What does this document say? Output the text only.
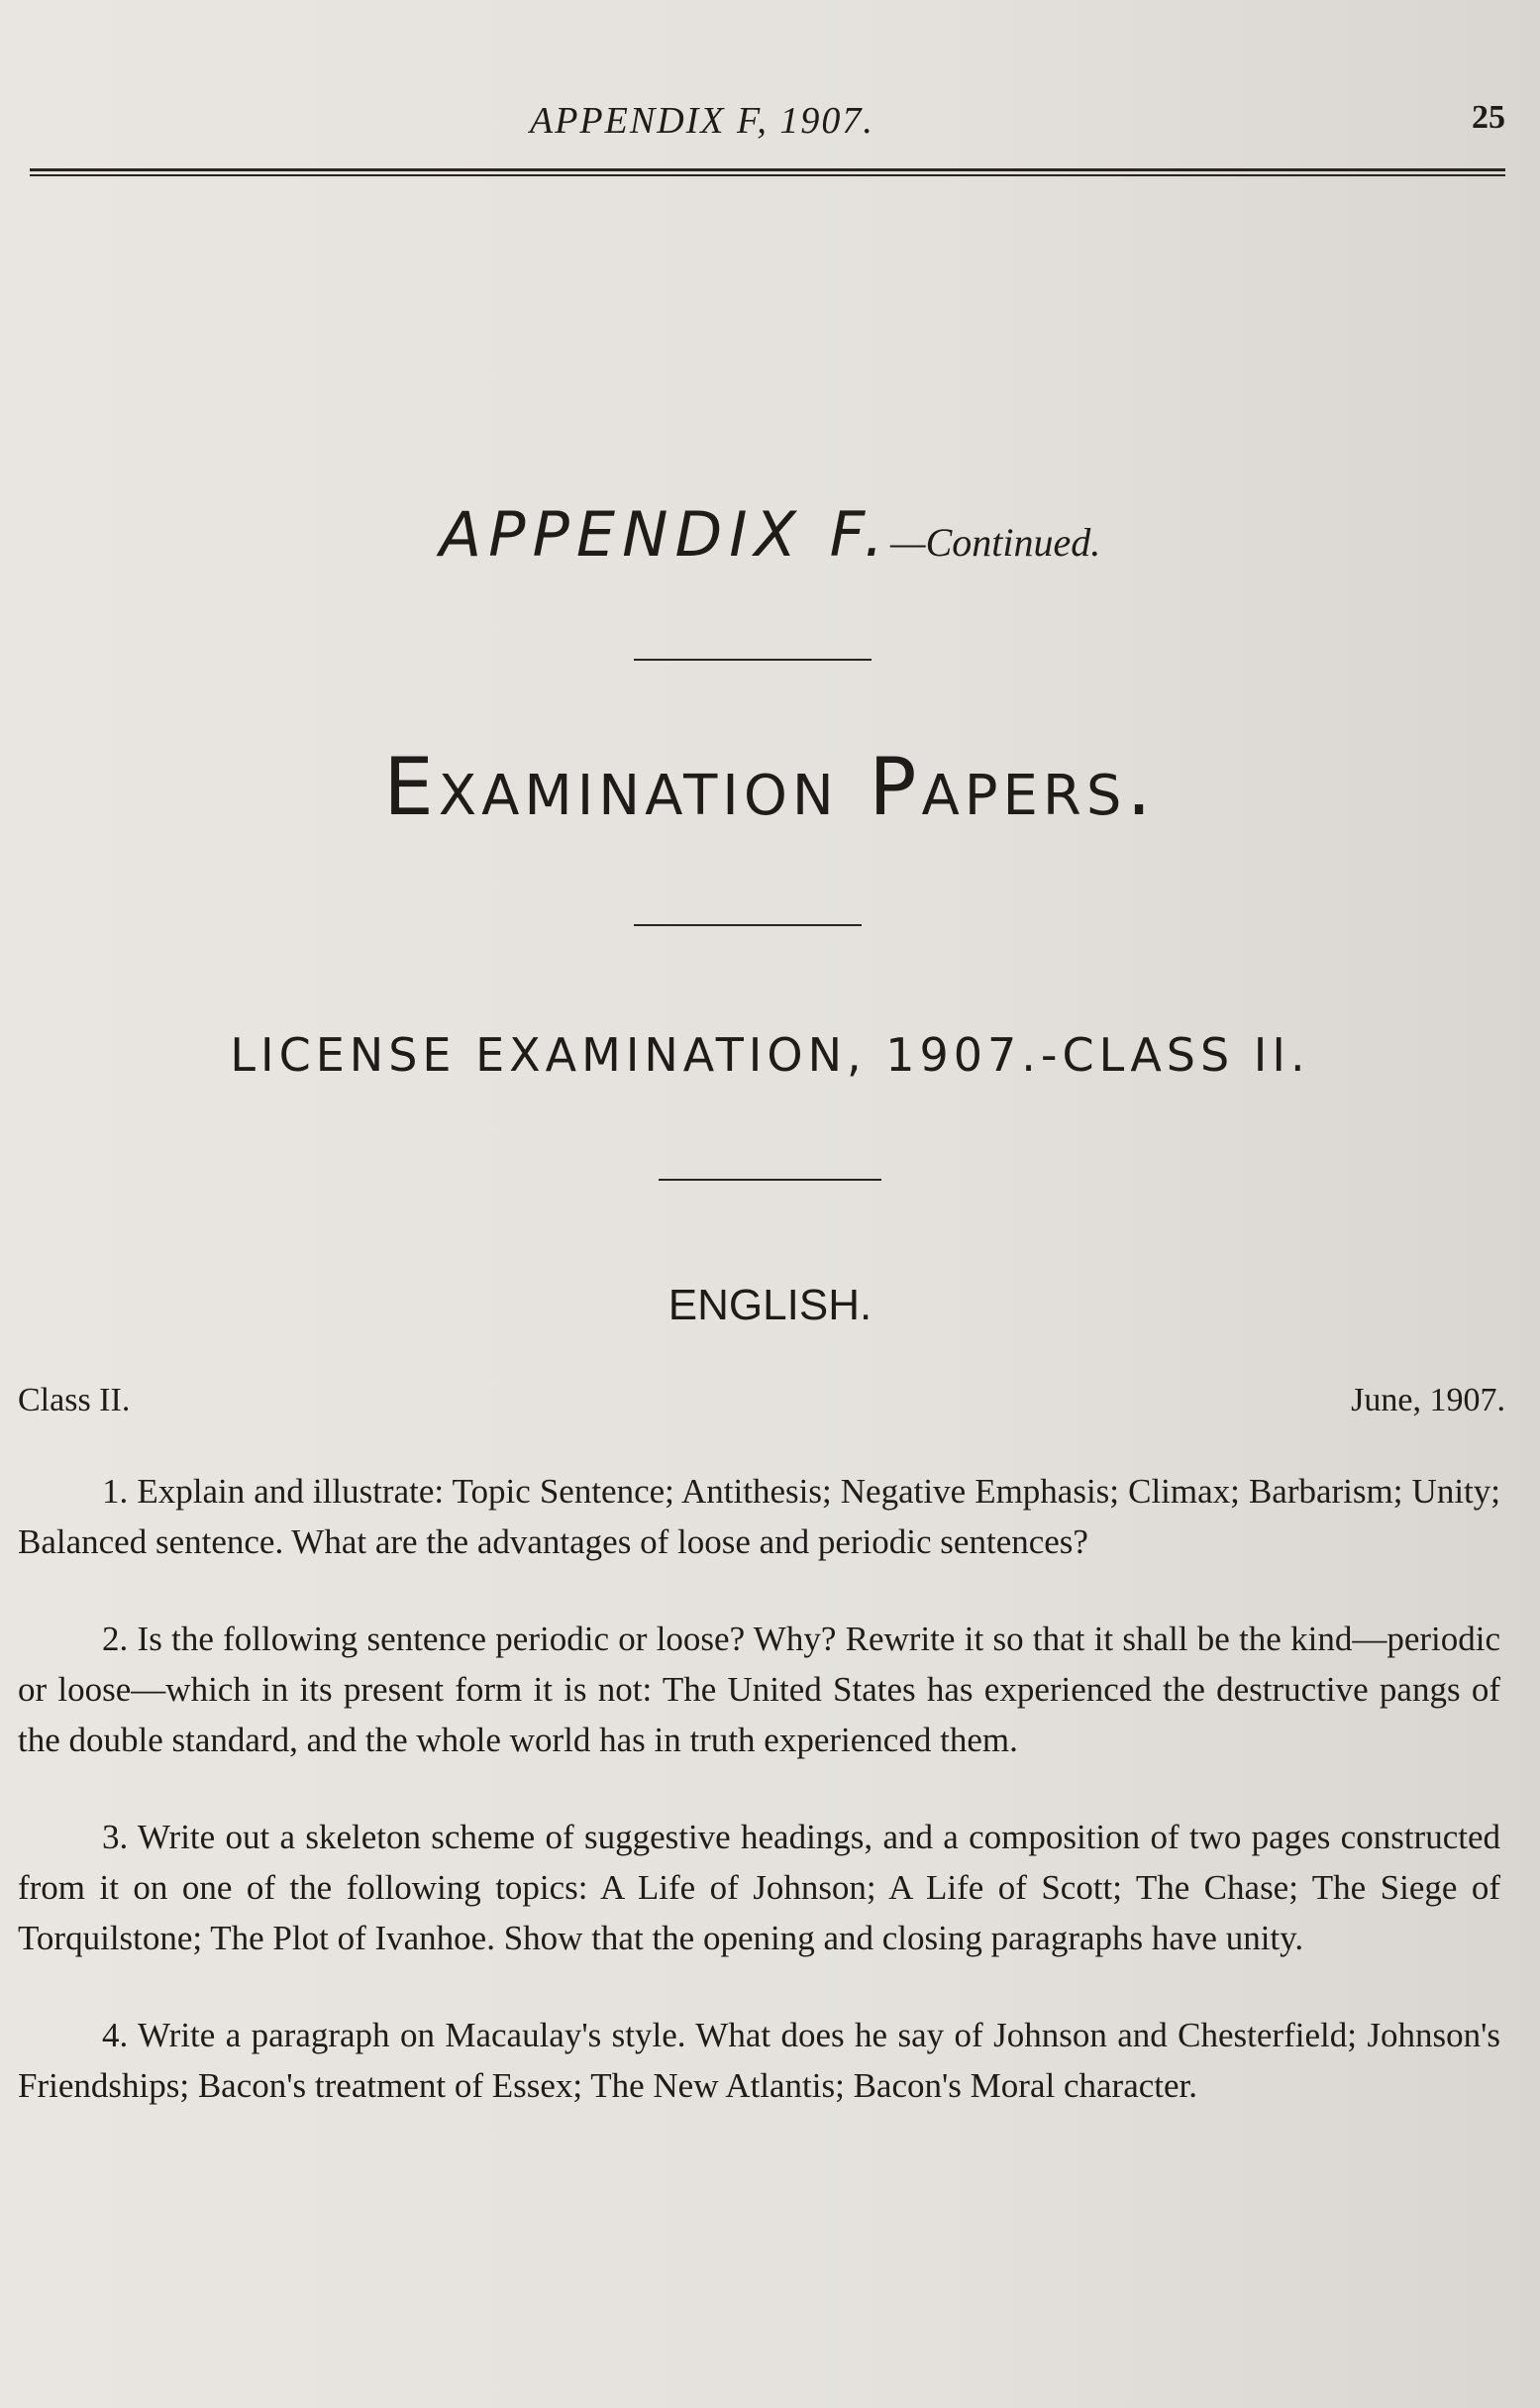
APPENDIX F, 1907.	25
APPENDIX F.—Continued.
Examination Papers.
LICENSE EXAMINATION, 1907.-CLASS II.
ENGLISH.
Class II.	June, 1907.

1. Explain and illustrate: Topic Sentence; Antithesis; Negative Emphasis; Climax; Barbarism; Unity; Balanced sentence. What are the advantages of loose and periodic sentences?

2. Is the following sentence periodic or loose? Why? Rewrite it so that it shall be the kind—periodic or loose—which in its present form it is not: The United States has experienced the destructive pangs of the double standard, and the whole world has in truth experienced them.

3. Write out a skeleton scheme of suggestive headings, and a composition of two pages constructed from it on one of the following topics: A Life of Johnson; A Life of Scott; The Chase; The Siege of Torquilstone; The Plot of Ivanhoe. Show that the opening and closing paragraphs have unity.

4. Write a paragraph on Macaulay's style. What does he say of Johnson and Chesterfield; Johnson's Friendships; Bacon's treatment of Essex; The New Atlantis; Bacon's Moral character.
